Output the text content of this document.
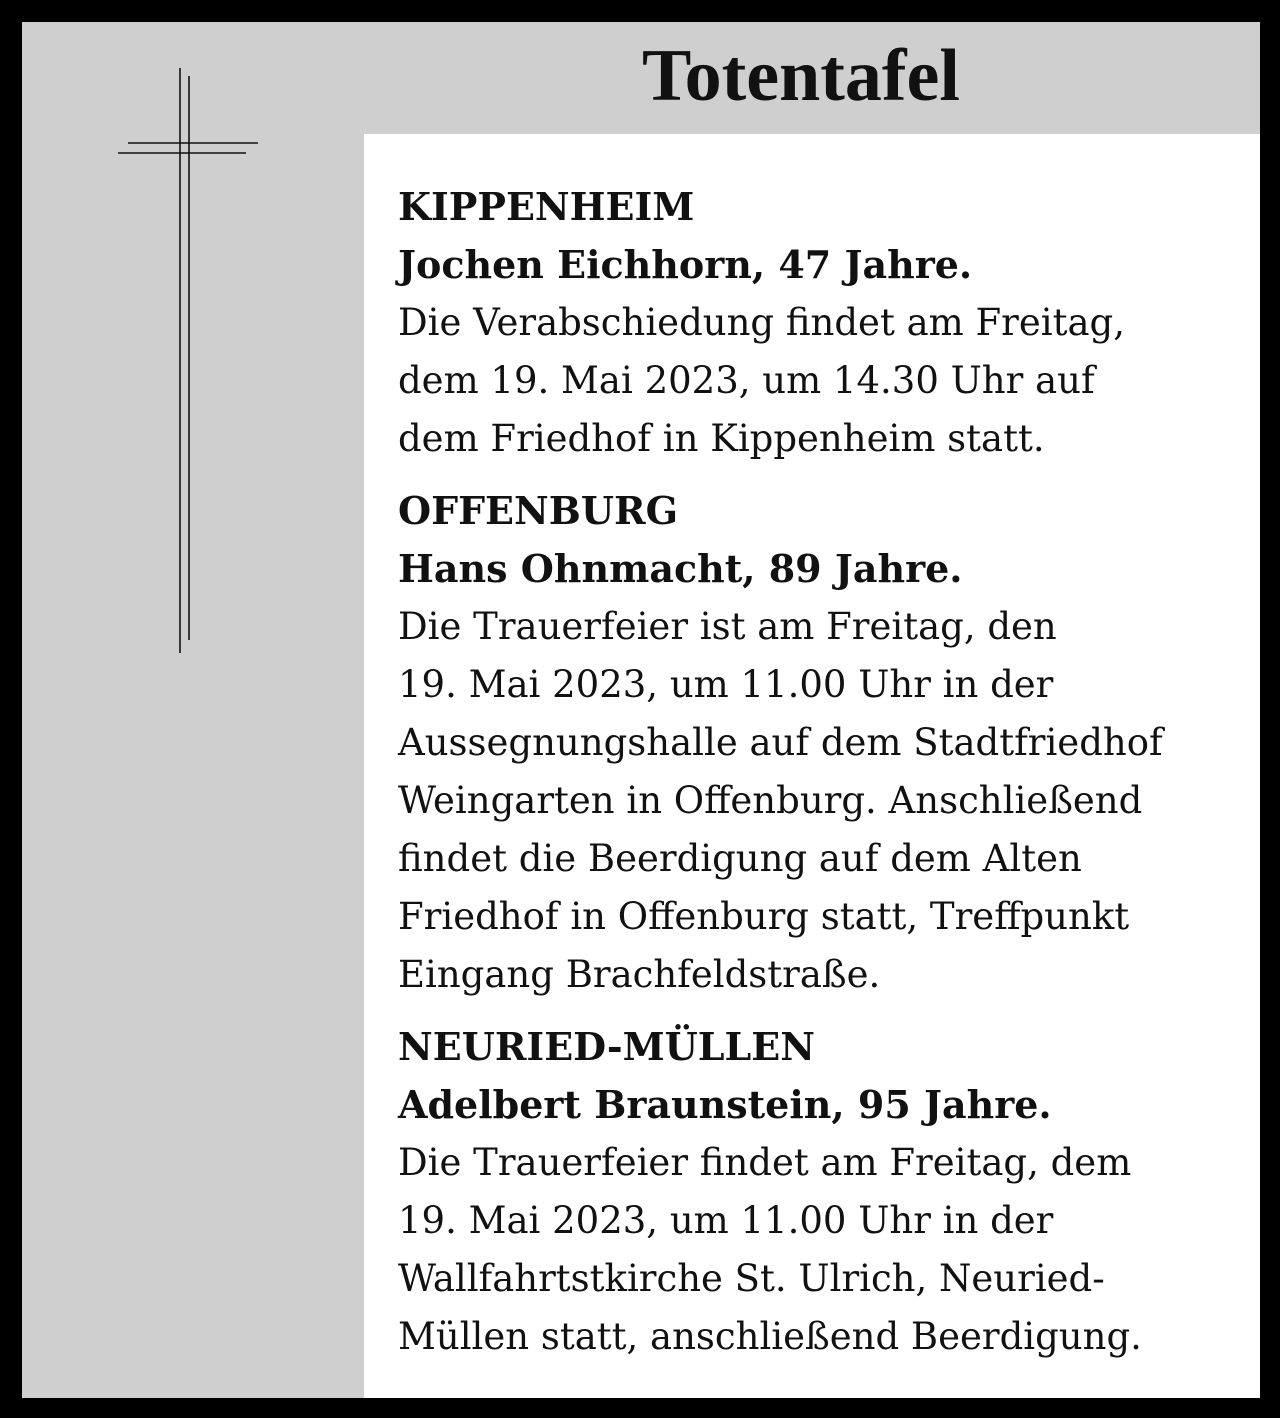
Totentafel

KIPPENHEIM

Jochen Eichhorn, 47 Jahre.

Die Verabschiedung findet am Freitag,
dem 19. Mai 2023, um 14.30 Uhr auf
dem Friedhof in Kippenheim statt.

OFFENBURG

Hans Ohnmacht, 89 Jahre.

Die Trauerfeier ist am Freitag, den
19. Mai 2023, um 11.00 Uhr in der
Aussegnungshalle auf dem Stadtfriedhof
Weingarten in Offenburg. Anschließend
findet die Beerdigung auf dem Alten
Friedhof in Offenburg statt, Treffpunkt
Eingang Brachfeldstraße.

NEURIED-MÜLLEN

Adelbert Braunstein, 95 Jahre.

Die Trauerfeier findet am Freitag, dem
19. Mai 2023, um 11.00 Uhr in der
Wallfahrtstkirche St. Ulrich, Neuried-
Müllen statt, anschließend Beerdigung.
